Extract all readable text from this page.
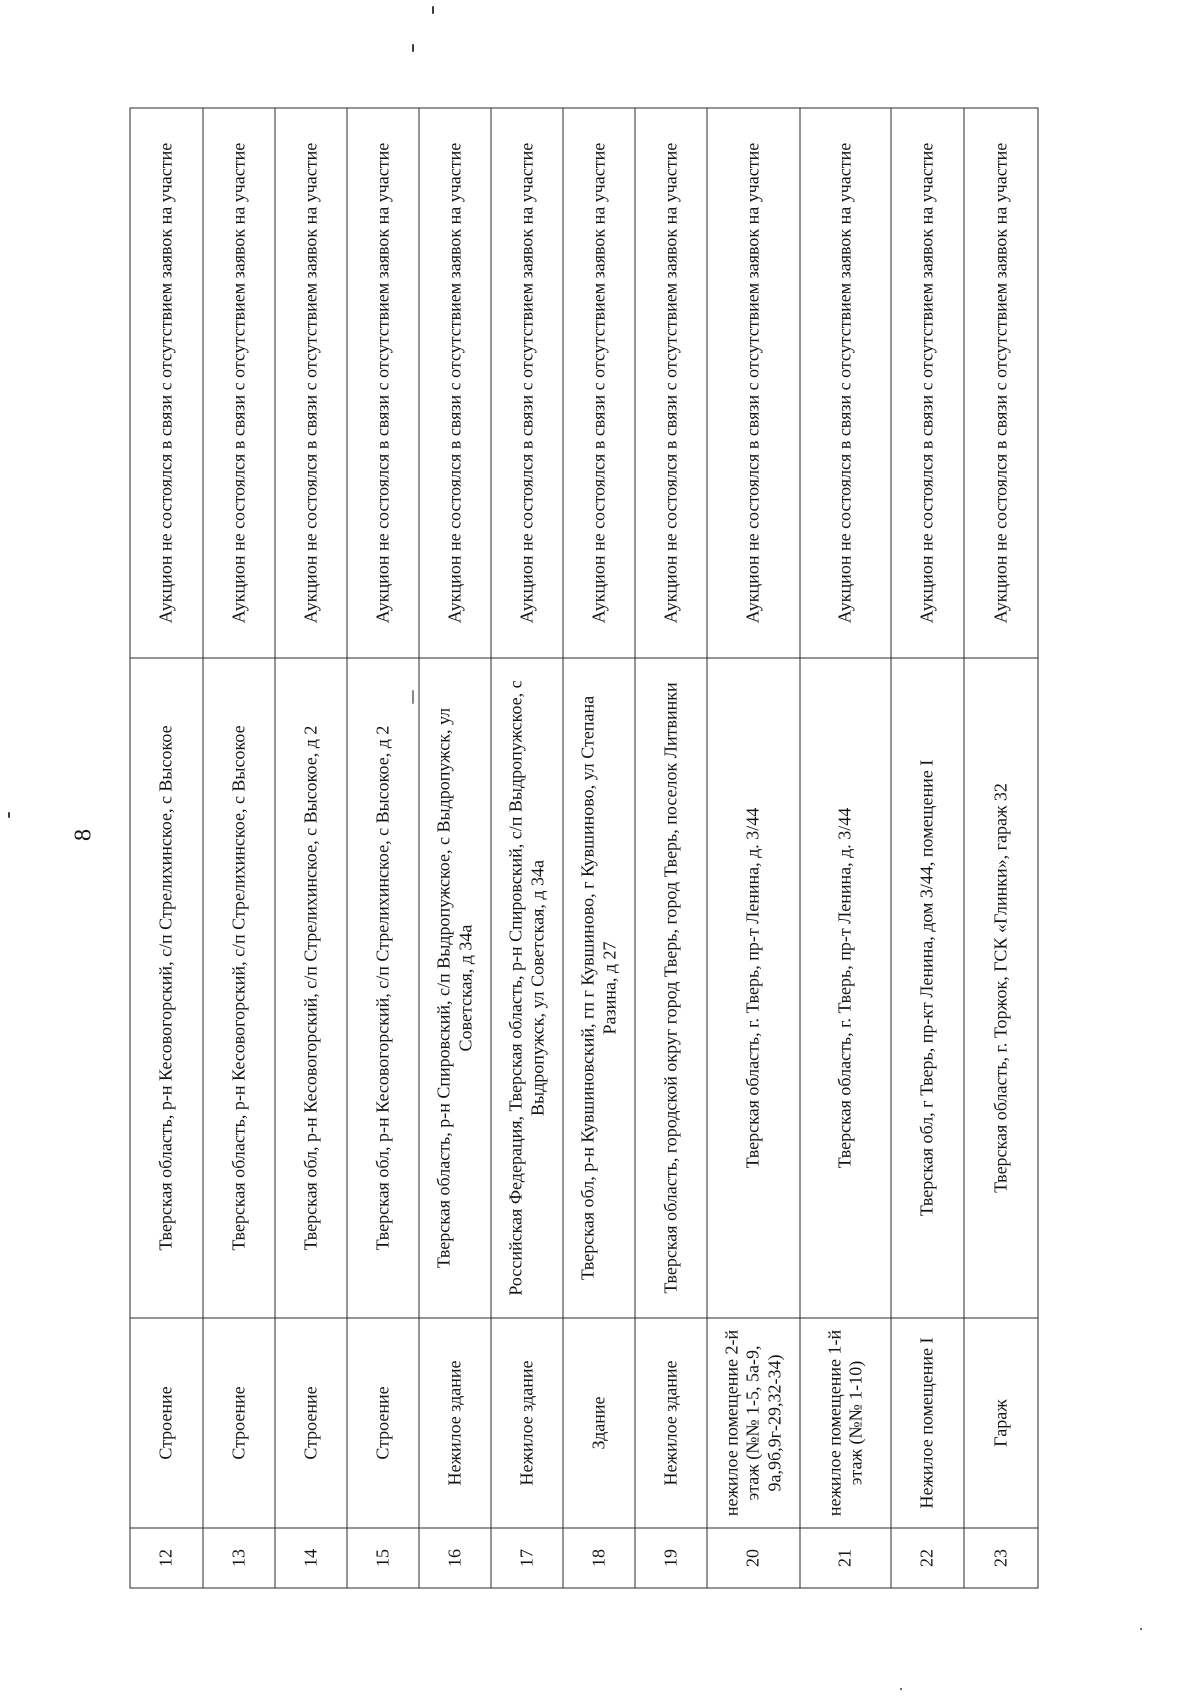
8
12	Строение	Тверская область, р-н Кесовогорский, с/п Стрелихинское, с Высокое	Аукцион не состоялся в связи с отсутствием заявок на участие
13	Строение	Тверская область, р-н Кесовогорский, с/п Стрелихинское, с Высокое	Аукцион не состоялся в связи с отсутствием заявок на участие
14	Строение	Тверская обл, р-н Кесовогорский, с/п Стрелихинское, с Высокое, д 2	Аукцион не состоялся в связи с отсутствием заявок на участие
15	Строение	Тверская обл, р-н Кесовогорский, с/п Стрелихинское, с Высокое, д 2	Аукцион не состоялся в связи с отсутствием заявок на участие
16	Нежилое здание	Тверская область, р-н Спировский, с/п Выдропужское, с Выдропужск, ул Советская, д 34а	Аукцион не состоялся в связи с отсутствием заявок на участие
17	Нежилое здание	Российская Федерация, Тверская область, р-н Спировский, с/п Выдропужское, с Выдропужск, ул Советская, д 34а	Аукцион не состоялся в связи с отсутствием заявок на участие
18	Здание	Тверская обл, р-н Кувшиновский, гп г Кувшиново, г Кувшиново, ул Степана Разина, д 27	Аукцион не состоялся в связи с отсутствием заявок на участие
19	Нежилое здание	Тверская область, городской округ город Тверь, город Тверь, поселок Литвинки	Аукцион не состоялся в связи с отсутствием заявок на участие
20	нежилое помещение 2-й этаж (№№ 1-5, 5а-9, 9а,9б,9г-29,32-34)	Тверская область, г. Тверь, пр-т Ленина, д. 3/44	Аукцион не состоялся в связи с отсутствием заявок на участие
21	нежилое помещение 1-й этаж (№№ 1-10)	Тверская область, г. Тверь, пр-т Ленина, д. 3/44	Аукцион не состоялся в связи с отсутствием заявок на участие
22	Нежилое помещение I	Тверская обл, г Тверь, пр-кт Ленина, дом 3/44, помещение I	Аукцион не состоялся в связи с отсутствием заявок на участие
23	Гараж	Тверская область, г. Торжок, ГСК «Глинки», гараж 32	Аукцион не состоялся в связи с отсутствием заявок на участие
